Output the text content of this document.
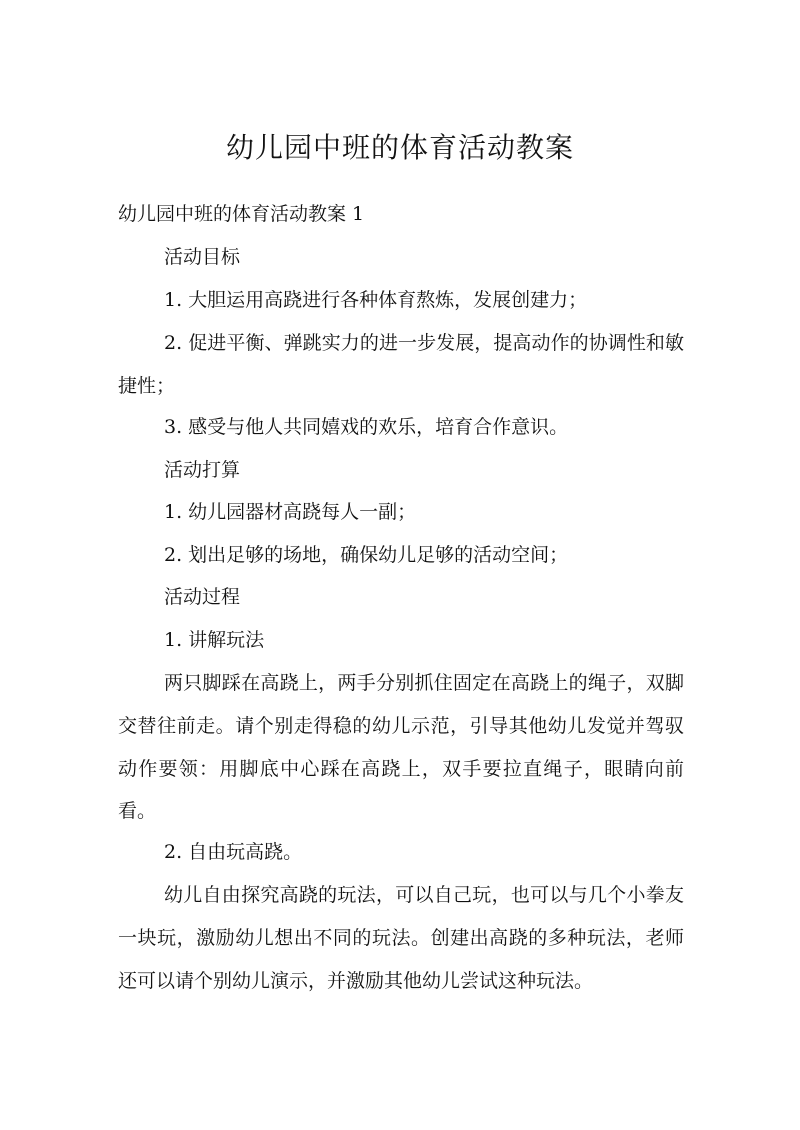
幼儿园中班的体育活动教案

幼儿园中班的体育活动教案 1

活动目标

1. 大胆运用高跷进行各种体育熬炼，发展创建力；

2. 促进平衡、弹跳实力的进一步发展，提高动作的协调性和敏捷性；

3. 感受与他人共同嬉戏的欢乐，培育合作意识。

活动打算

1. 幼儿园器材高跷每人一副；

2. 划出足够的场地，确保幼儿足够的活动空间；

活动过程

1. 讲解玩法

两只脚踩在高跷上，两手分别抓住固定在高跷上的绳子，双脚交替往前走。请个别走得稳的幼儿示范，引导其他幼儿发觉并驾驭动作要领：用脚底中心踩在高跷上，双手要拉直绳子，眼睛向前看。

2. 自由玩高跷。

幼儿自由探究高跷的玩法，可以自己玩，也可以与几个小拳友一块玩，激励幼儿想出不同的玩法。创建出高跷的多种玩法，老师还可以请个别幼儿演示，并激励其他幼儿尝试这种玩法。
